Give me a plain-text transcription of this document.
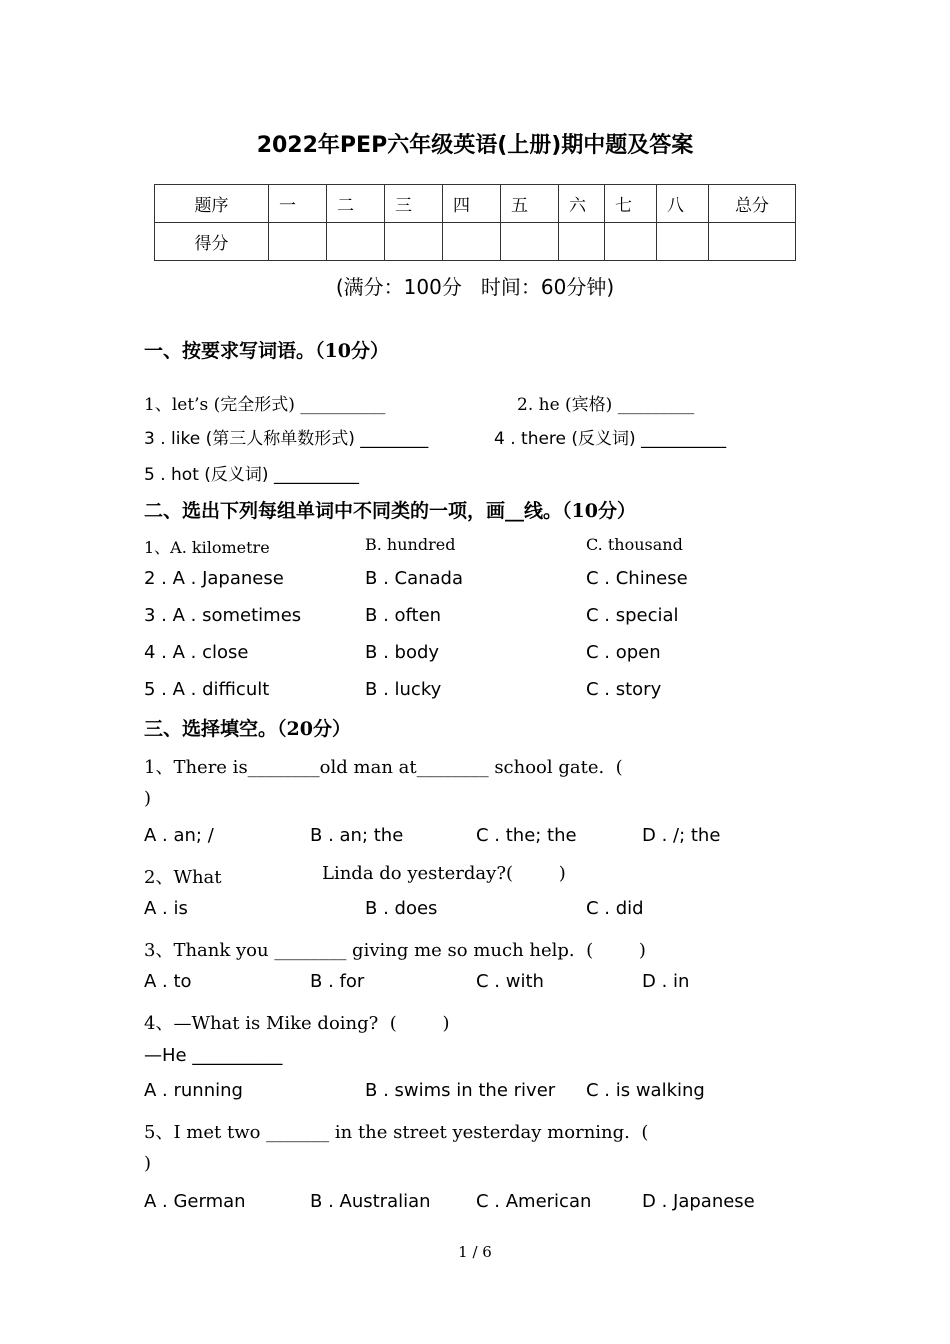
2022年PEP六年级英语(上册)期中题及答案
题序	一	二	三	四	五	六	七	八	总分
得分									
(满分：100分   时间：60分钟)
一、按要求写词语。（10分）
1、let’s (完全形式) __________	2. he (宾格) _________
3 . like (第三人称单数形式) ________	4 . there (反义词) __________
5 . hot (反义词) __________
二、选出下列每组单词中不同类的一项，画__线。（10分）
1、A. kilometre	B. hundred	C. thousand
2 . A . Japanese	B . Canada	C . Chinese
3 . A . sometimes	B . often	C . special
4 . A . close	B . body	C . open
5 . A . difficult	B . lucky	C . story
三、选择填空。（20分）
1、There is________old man at________ school gate.  (
)
A . an; /	B . an; the	C . the; the	D . /; the
2、What	Linda do yesterday?(        )
A . is	B . does	C . did
3、Thank you ________ giving me so much help.  (        )
A . to	B . for	C . with	D . in
4、—What is Mike doing?  (        )
—He __________
A . running	B . swims in the river C . is walking
5、I met two _______ in the street yesterday morning.  (
)
A . German	B . Australian	C . American	D . Japanese
1 / 6
